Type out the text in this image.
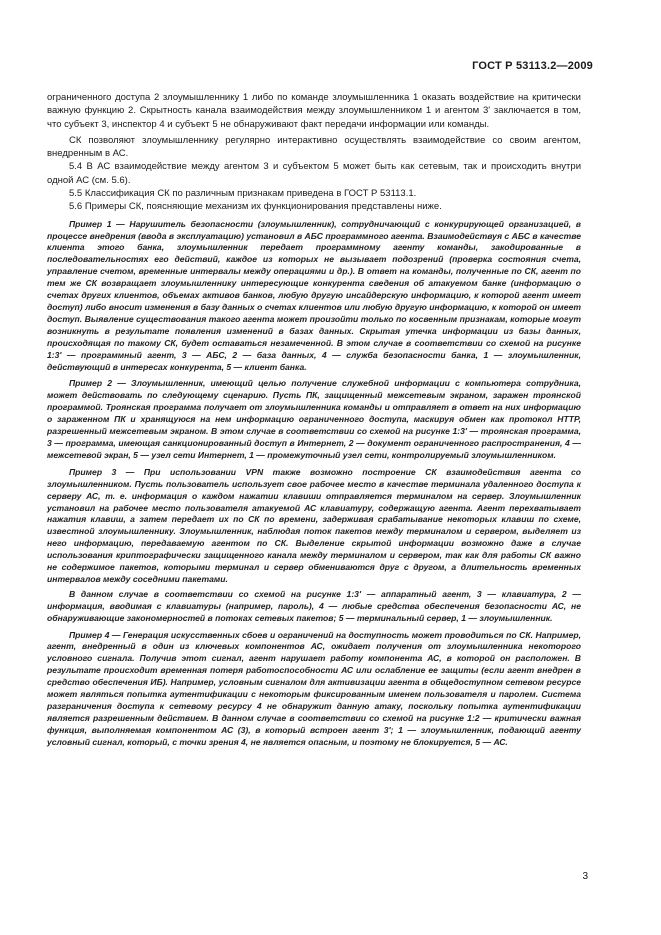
ГОСТ Р 53113.2—2009

ограниченного доступа 2 злоумышленнику 1 либо по команде злоумышленника 1 оказать воздействие на критически важную функцию 2. Скрытность канала взаимодействия между злоумышленником 1 и агентом 3' заключается в том, что субъект 3, инспектор 4 и субъект 5 не обнаруживают факт передачи информации или команды.

СК позволяют злоумышленнику регулярно интерактивно осуществлять взаимодействие со своим агентом, внедренным в АС.

5.4 В АС взаимодействие между агентом 3 и субъектом 5 может быть как сетевым, так и происходить внутри одной АС (см. 5.6).

5.5 Классификация СК по различным признакам приведена в ГОСТ Р 53113.1.

5.6 Примеры СК, поясняющие механизм их функционирования представлены ниже.

Пример 1 — Нарушитель безопасности (злоумышленник), сотрудничающий с конкурирующей организацией, в процессе внедрения (ввода в эксплуатацию) установил в АБС программного агента. Взаимодействуя с АБС в качестве клиента этого банка, злоумышленник передает программному агенту команды, закодированные в последовательностях его действий, каждое из которых не вызывает подозрений (проверка состояния счета, управление счетом, временные интервалы между операциями и др.). В ответ на команды, полученные по СК, агент по тем же СК возвращает злоумышленнику интересующие конкурента сведения об атакуемом банке (информацию о счетах других клиентов, объемах активов банков, любую другую инсайдерскую информацию, к которой агент имеет доступ) либо вносит изменения в базу данных о счетах клиентов или любую другую информацию, к которой он имеет доступ. Выявление существования такого агента может произойти только по косвенным признакам, которые могут возникнуть в результате появления изменений в базах данных. Скрытая утечка информации из базы данных, происходящая по такому СК, будет оставаться незамеченной. В этом случае в соответствии со схемой на рисунке 1:3' — программный агент, 3 — АБС, 2 — база данных, 4 — служба безопасности банка, 1 — злоумышленник, действующий в интересах конкурента, 5 — клиент банка.

Пример 2 — Злоумышленник, имеющий целью получение служебной информации с компьютера сотрудника, может действовать по следующему сценарию. Пусть ПК, защищенный межсетевым экраном, заражен троянской программой. Троянская программа получает от злоумышленника команды и отправляет в ответ на них информацию о зараженном ПК и хранящуюся на нем информацию ограниченного доступа, маскируя обмен как протокол HTTP, разрешенный межсетевым экраном. В этом случае в соответствии со схемой на рисунке 1:3' — троянская программа, 3 — программа, имеющая санкционированный доступ в Интернет, 2 — документ ограниченного распространения, 4 — межсетевой экран, 5 — узел сети Интернет, 1 — промежуточный узел сети, контролируемый злоумышленником.

Пример 3 — При использовании VPN также возможно построение СК взаимодействия агента со злоумышленником. Пусть пользователь использует свое рабочее место в качестве терминала удаленного доступа к серверу АС, т. е. информация о каждом нажатии клавиши отправляется терминалом на сервер. Злоумышленник установил на рабочее место пользователя атакуемой АС клавиатуру, содержащую агента. Агент перехватывает нажатия клавиш, а затем передает их по СК по времени, задерживая срабатывание некоторых клавиш по схеме, известной злоумышленнику. Злоумышленник, наблюдая поток пакетов между терминалом и сервером, выделяет из него информацию, передаваемую агентом по СК. Выделение скрытой информации возможно даже в случае использования криптографически защищенного канала между терминалом и сервером, так как для работы СК важно не содержимое пакетов, которыми терминал и сервер обмениваются друг с другом, а длительность временных интервалов между соседними пакетами.

В данном случае в соответствии со схемой на рисунке 1:3' — аппаратный агент, 3 — клавиатура, 2 — информация, вводимая с клавиатуры (например, пароль), 4 — любые средства обеспечения безопасности АС, не обнаруживающие закономерностей в потоках сетевых пакетов; 5 — терминальный сервер, 1 — злоумышленник.

Пример 4 — Генерация искусственных сбоев и ограничений на доступность может проводиться по СК. Например, агент, внедренный в один из ключевых компонентов АС, ожидает получения от злоумышленника некоторого условного сигнала. Получив этот сигнал, агент нарушает работу компонента АС, в которой он расположен. В результате происходит временная потеря работоспособности АС или ослабление ее защиты (если агент внедрен в средство обеспечения ИБ). Например, условным сигналом для активизации агента в общедоступном сетевом ресурсе может являться попытка аутентификации с некоторым фиксированным именем пользователя и паролем. Система разграничения доступа к сетевому ресурсу 4 не обнаружит данную атаку, поскольку попытка аутентификации является разрешенным действием. В данном случае в соответствии со схемой на рисунке 1:2 — критически важная функция, выполняемая компонентом АС (3), в который встроен агент 3'; 1 — злоумышленник, подающий агенту условный сигнал, который, с точки зрения 4, не является опасным, и поэтому не блокируется, 5 — АС.

3
